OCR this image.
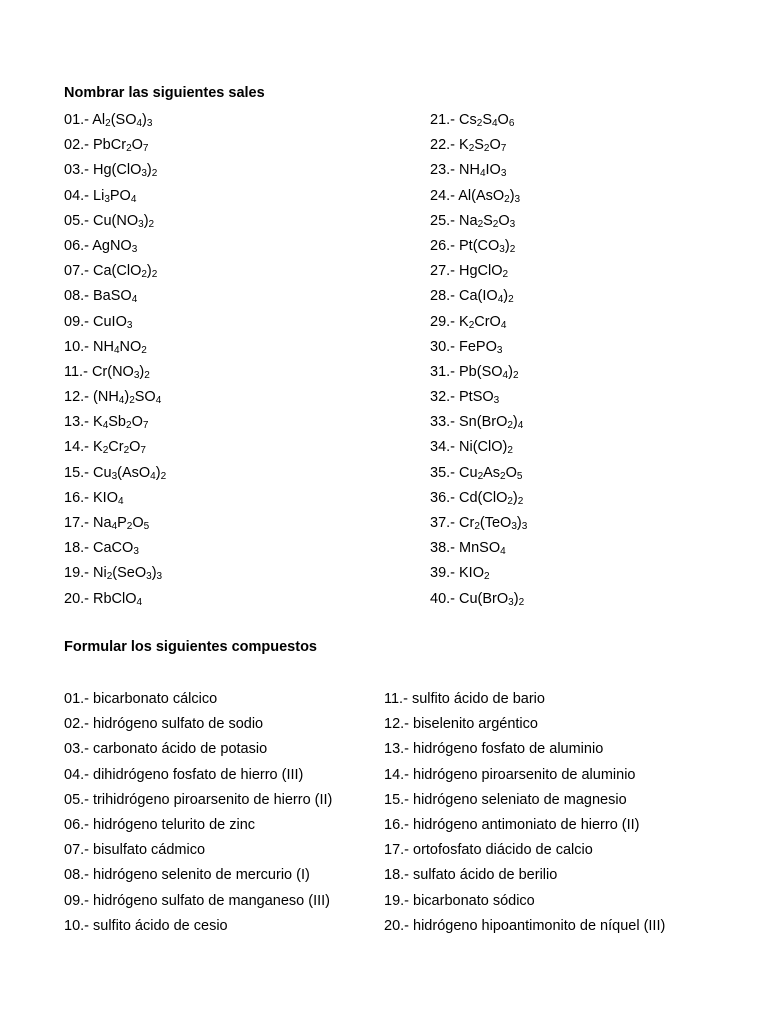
Nombrar las siguientes sales
01.- $Al_2(SO_4)_3$
02.- $PbCr_2O_7$
03.- $Hg(ClO_3)_2$
04.- $Li_3PO_4$
05.- $Cu(NO_3)_2$
06.- AgNO$_3$
07.- $Ca(ClO_2)_2$
08.- BaSO$_4$
09.- CuIO$_3$
10.- $NH_4NO_2$
11.- $Cr(NO_3)_2$
12.- $(NH_4)_2SO_4$
13.- $K_4Sb_2O_7$
14.- $K_2Cr_2O_7$
15.- $Cu_3(AsO_4)_2$
16.- $KIO_4$
17.- $Na_4P_2O_5$
18.- CaCO$_3$
19.- $Ni_2(SeO_3)_3$
20.- RbClO$_4$
21.- $Cs_2S_4O_6$
22.- $K_2S_2O_7$
23.- $NH_4IO_3$
24.- $Al(AsO_2)_3$
25.- $Na_2S_2O_3$
26.- $Pt(CO_3)_2$
27.- HgClO$_2$
28.- $Ca(IO_4)_2$
29.- $K_2CrO_4$
30.- FePO$_3$
31.- $Pb(SO_4)_2$
32.- PtSO$_3$
33.- $Sn(BrO_2)_4$
34.- $Ni(ClO)_2$
35.- $Cu_2As_2O_5$
36.- $Cd(ClO_2)_2$
37.- $Cr_2(TeO_3)_3$
38.- MnSO$_4$
39.- $KIO_2$
40.- $Cu(BrO_3)_2$
Formular los siguientes compuestos
01.- bicarbonato cálcico
02.- hidrógeno sulfato de sodio
03.- carbonato ácido de potasio
04.- dihidrógeno fosfato de hierro (III)
05.- trihidrógeno piroarsenito de hierro (II)
06.- hidrógeno telurito de zinc
07.- bisulfato cádmico
08.- hidrógeno selenito de mercurio (I)
09.- hidrógeno sulfato de manganeso (III)
10.- sulfito ácido de cesio
11.- sulfito ácido de bario
12.- biselenito argéntico
13.- hidrógeno fosfato de aluminio
14.- hidrógeno piroarsenito de aluminio
15.- hidrógeno seleniato de magnesio
16.- hidrógeno antimoniato de hierro (II)
17.- ortofosfato diácido de calcio
18.- sulfato ácido de berilio
19.- bicarbonato sódico
20.- hidrógeno hipoantimonito de níquel (III)
